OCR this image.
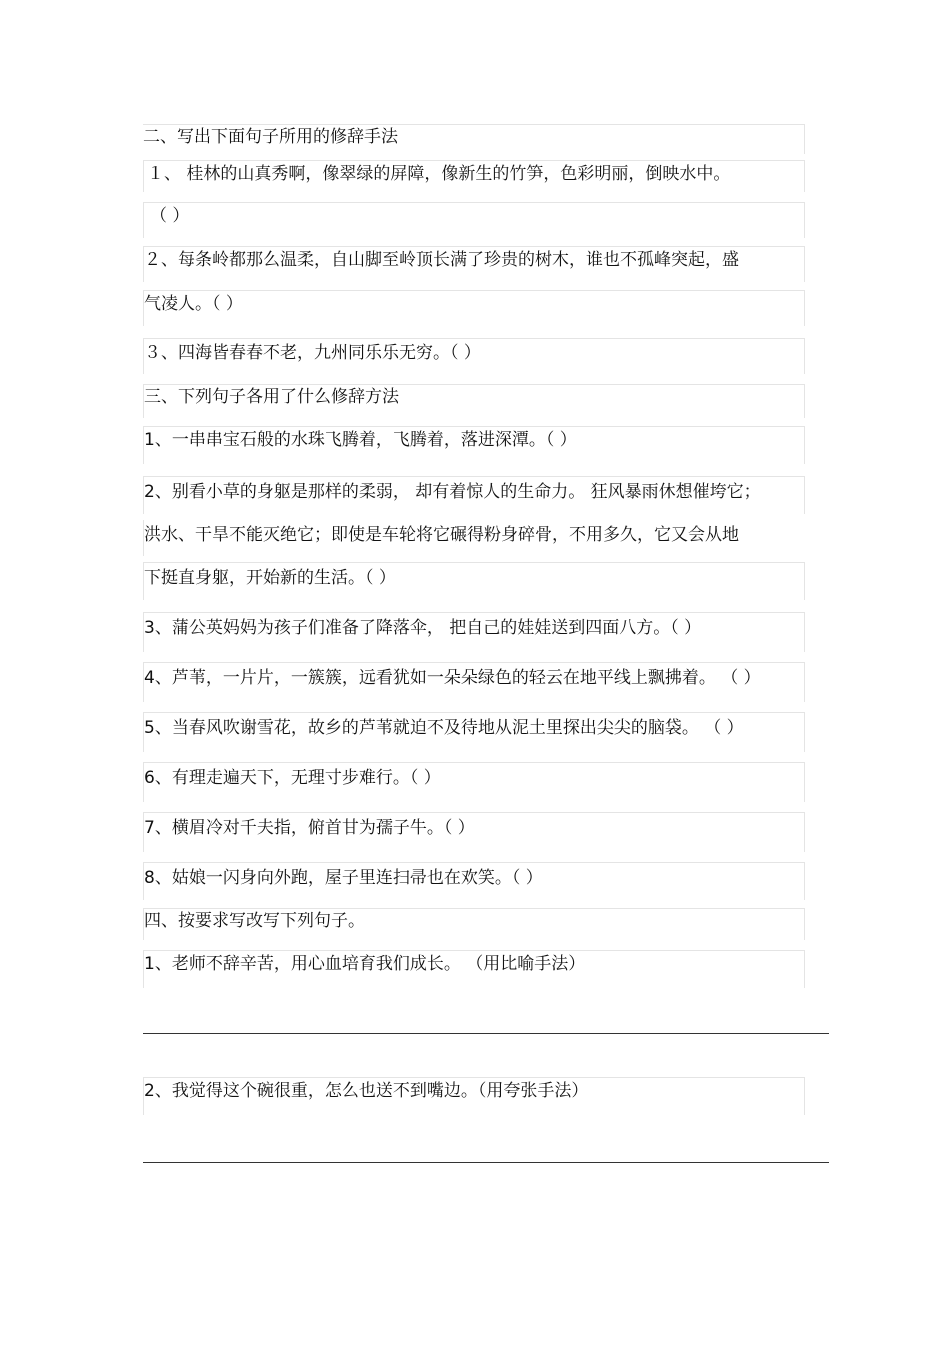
二、写出下面句子所用的修辞手法
１、 桂林的山真秀啊，像翠绿的屏障，像新生的竹笋，色彩明丽，倒映水中。
（ ）
２、每条岭都那么温柔，自山脚至岭顶长满了珍贵的树木，谁也不孤峰突起，盛
气凌人。（ ）
３、四海皆春春不老，九州同乐乐无穷。（ ）
三、下列句子各用了什么修辞方法
1、一串串宝石般的水珠飞腾着，飞腾着，落进深潭。（ ）
2、别看小草的身躯是那样的柔弱， 却有着惊人的生命力。 狂风暴雨休想催垮它；
洪水、干旱不能灭绝它；即使是车轮将它碾得粉身碎骨，不用多久，它又会从地
下挺直身躯，开始新的生活。（ ）
3、蒲公英妈妈为孩子们准备了降落伞， 把自己的娃娃送到四面八方。（ ）
4、芦苇，一片片，一簇簇，远看犹如一朵朵绿色的轻云在地平线上飘拂着。 （ ）
5、当春风吹谢雪花，故乡的芦苇就迫不及待地从泥土里探出尖尖的脑袋。 （ ）
6、有理走遍天下，无理寸步难行。（ ）
7、横眉冷对千夫指，俯首甘为孺子牛。（ ）
8、姑娘一闪身向外跑，屋子里连扫帚也在欢笑。（ ）
四、按要求写改写下列句子。
1、老师不辞辛苦，用心血培育我们成长。 （用比喻手法）
2、我觉得这个碗很重，怎么也送不到嘴边。（用夸张手法）
